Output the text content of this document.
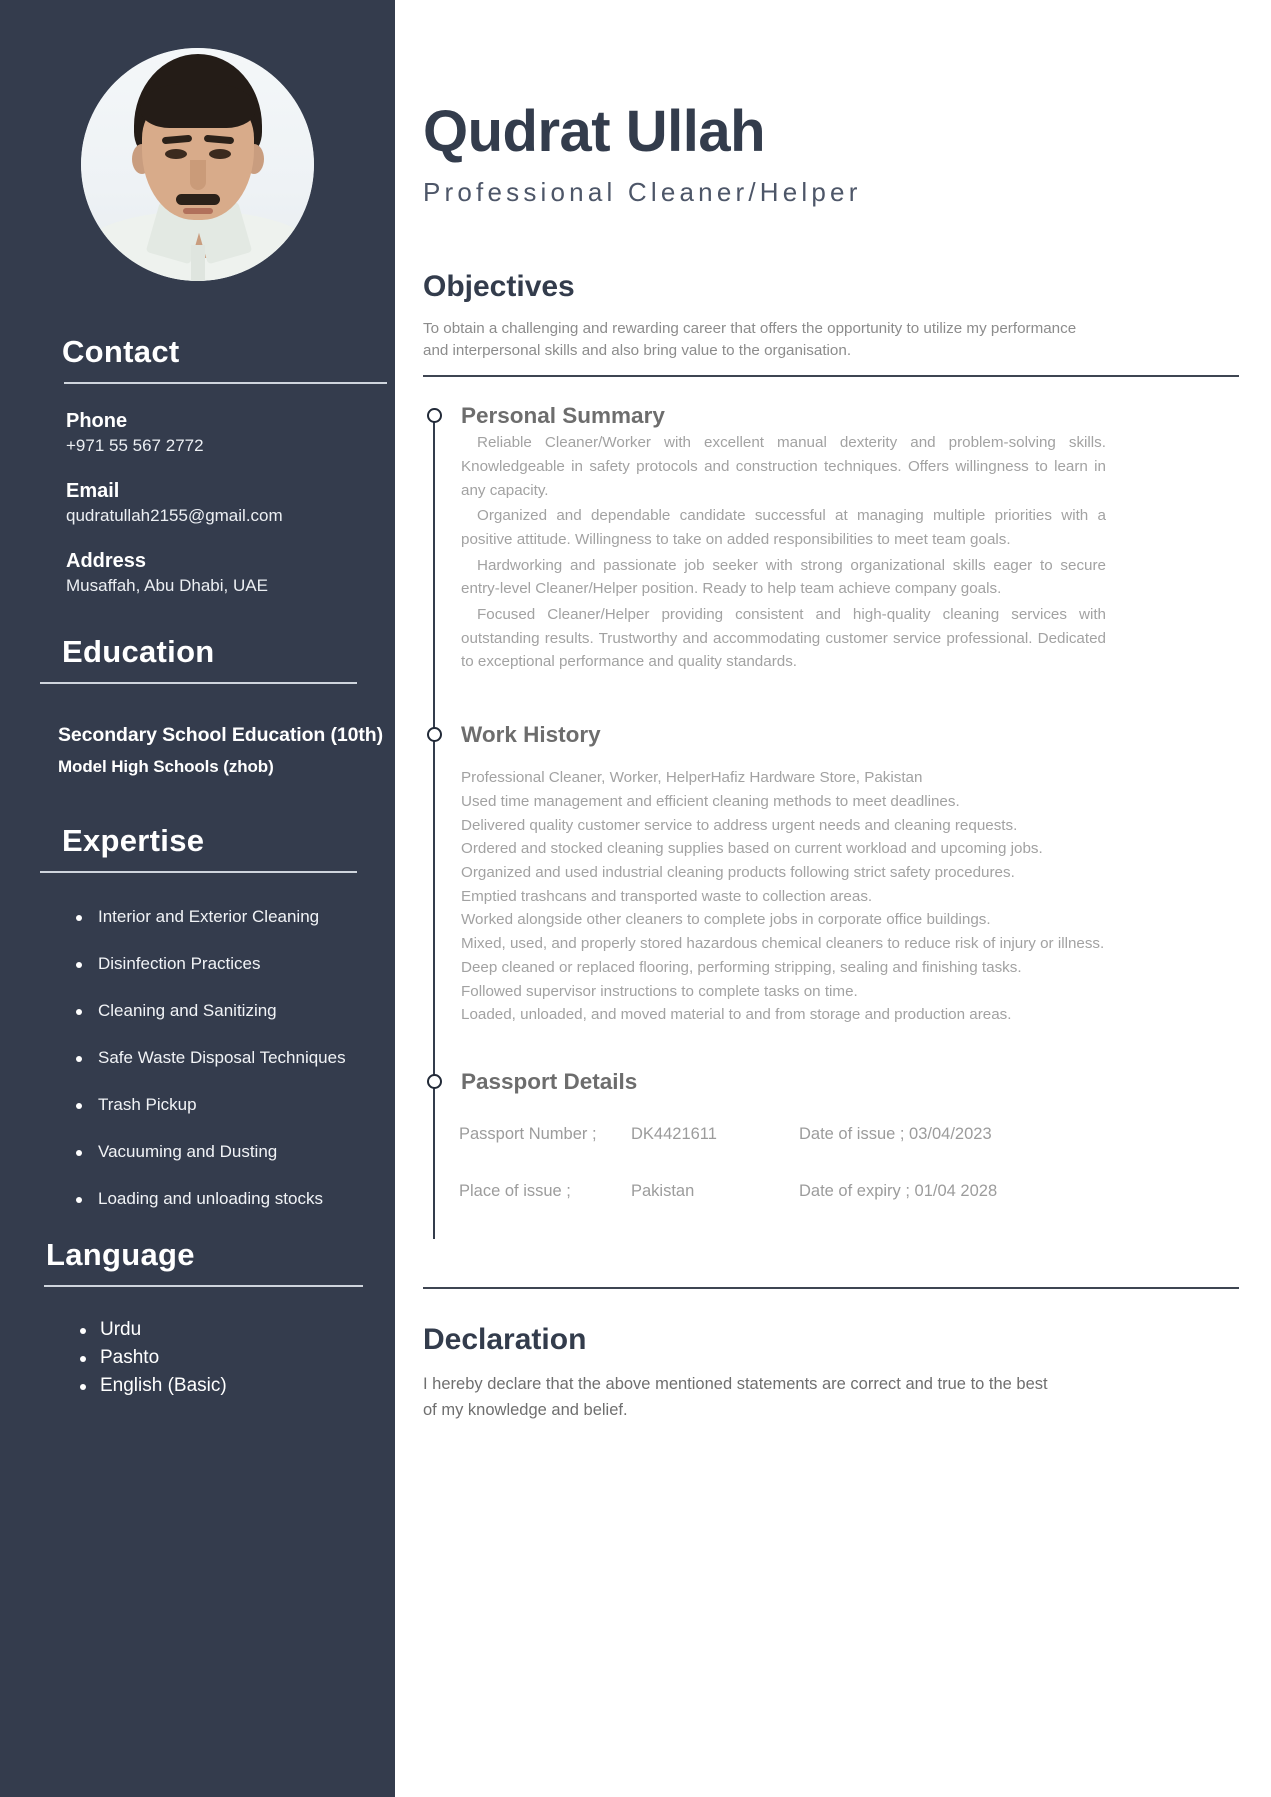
Contact
Phone
+971 55 567 2772
Email
qudratullah2155@gmail.com
Address
Musaffah, Abu Dhabi, UAE
Education
Secondary School Education (10th)
Model High Schools (zhob)
Expertise
Interior and Exterior Cleaning
Disinfection Practices
Cleaning and Sanitizing
Safe Waste Disposal Techniques
Trash Pickup
Vacuuming and Dusting
Loading and unloading stocks
Language
Urdu
Pashto
English (Basic)
Qudrat Ullah
Professional Cleaner/Helper
Objectives

To obtain a challenging and rewarding career that offers the opportunity to utilize my performance and interpersonal skills and also bring value to the organisation.

Personal Summary

Reliable Cleaner/Worker with excellent manual dexterity and problem-solving skills. Knowledgeable in safety protocols and construction techniques. Offers willingness to learn in any capacity.

Organized and dependable candidate successful at managing multiple priorities with a positive attitude. Willingness to take on added responsibilities to meet team goals.

Hardworking and passionate job seeker with strong organizational skills eager to secure entry-level Cleaner/Helper position. Ready to help team achieve company goals.

Focused Cleaner/Helper providing consistent and high-quality cleaning services with outstanding results. Trustworthy and accommodating customer service professional. Dedicated to exceptional performance and quality standards.

Work History

Professional Cleaner, Worker, HelperHafiz Hardware Store, Pakistan

Used time management and efficient cleaning methods to meet deadlines.

Delivered quality customer service to address urgent needs and cleaning requests.

Ordered and stocked cleaning supplies based on current workload and upcoming jobs.

Organized and used industrial cleaning products following strict safety procedures.

Emptied trashcans and transported waste to collection areas.

Worked alongside other cleaners to complete jobs in corporate office buildings.

Mixed, used, and properly stored hazardous chemical cleaners to reduce risk of injury or illness.

Deep cleaned or replaced flooring, performing stripping, sealing and finishing tasks.

Followed supervisor instructions to complete tasks on time.

Loaded, unloaded, and moved material to and from storage and production areas.

Passport Details
Passport Number ;	DK4421611	Date of issue ; 03/04/2023
Place of issue ;	Pakistan	Date of expiry ; 01/04 2028
Declaration

I hereby declare that the above mentioned statements are correct and true to the best of my knowledge and belief.
